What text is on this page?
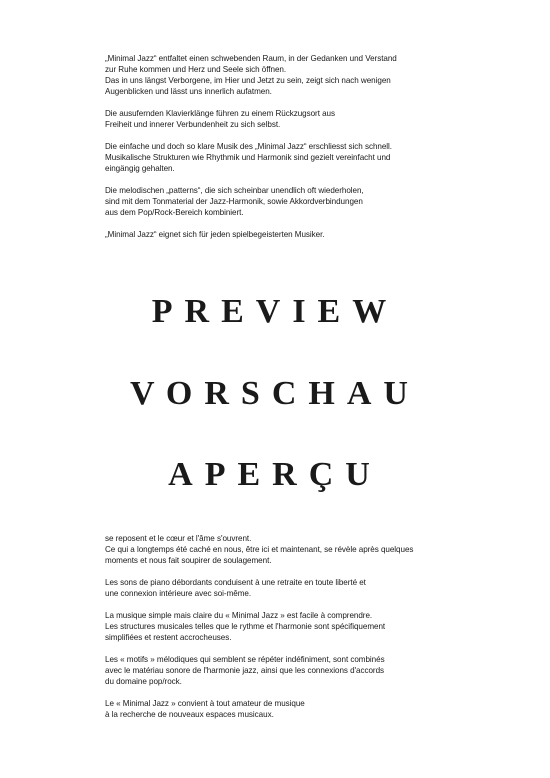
„Minimal Jazz“ entfaltet einen schwebenden Raum, in der Gedanken und Verstand
zur Ruhe kommen und Herz und Seele sich öffnen.
Das in uns längst Verborgene, im Hier und Jetzt zu sein, zeigt sich nach wenigen
Augenblicken und lässt uns innerlich aufatmen.

Die ausufernden Klavierklänge führen zu einem Rückzugsort aus
Freiheit und innerer Verbundenheit zu sich selbst.

Die einfache und doch so klare Musik des „Minimal Jazz“ erschliesst sich schnell.
Musikalische Strukturen wie Rhythmik und Harmonik sind gezielt vereinfacht und
eingängig gehalten.

Die melodischen „patterns“, die sich scheinbar unendlich oft wiederholen,
sind mit dem Tonmaterial der Jazz-Harmonik, sowie Akkordverbindungen
aus dem Pop/Rock-Bereich kombiniert.

„Minimal Jazz“ eignet sich für jeden spielbegeisterten Musiker.

PREVIEW
VORSCHAU
APERÇU

se reposent et le cœur et l'âme s'ouvrent.
Ce qui a longtemps été caché en nous, être ici et maintenant, se révèle après quelques
moments et nous fait soupirer de soulagement.

Les sons de piano débordants conduisent à une retraite en toute liberté et
une connexion intérieure avec soi-même.

La musique simple mais claire du « Minimal Jazz » est facile à comprendre.
Les structures musicales telles que le rythme et l'harmonie sont spécifiquement
simplifiées et restent accrocheuses.

Les « motifs » mélodiques qui semblent se répéter indéfiniment, sont combinés
avec le matériau sonore de l'harmonie jazz, ainsi que les connexions d'accords
du domaine pop/rock.

Le « Minimal Jazz » convient à tout amateur de musique
à la recherche de nouveaux espaces musicaux.
